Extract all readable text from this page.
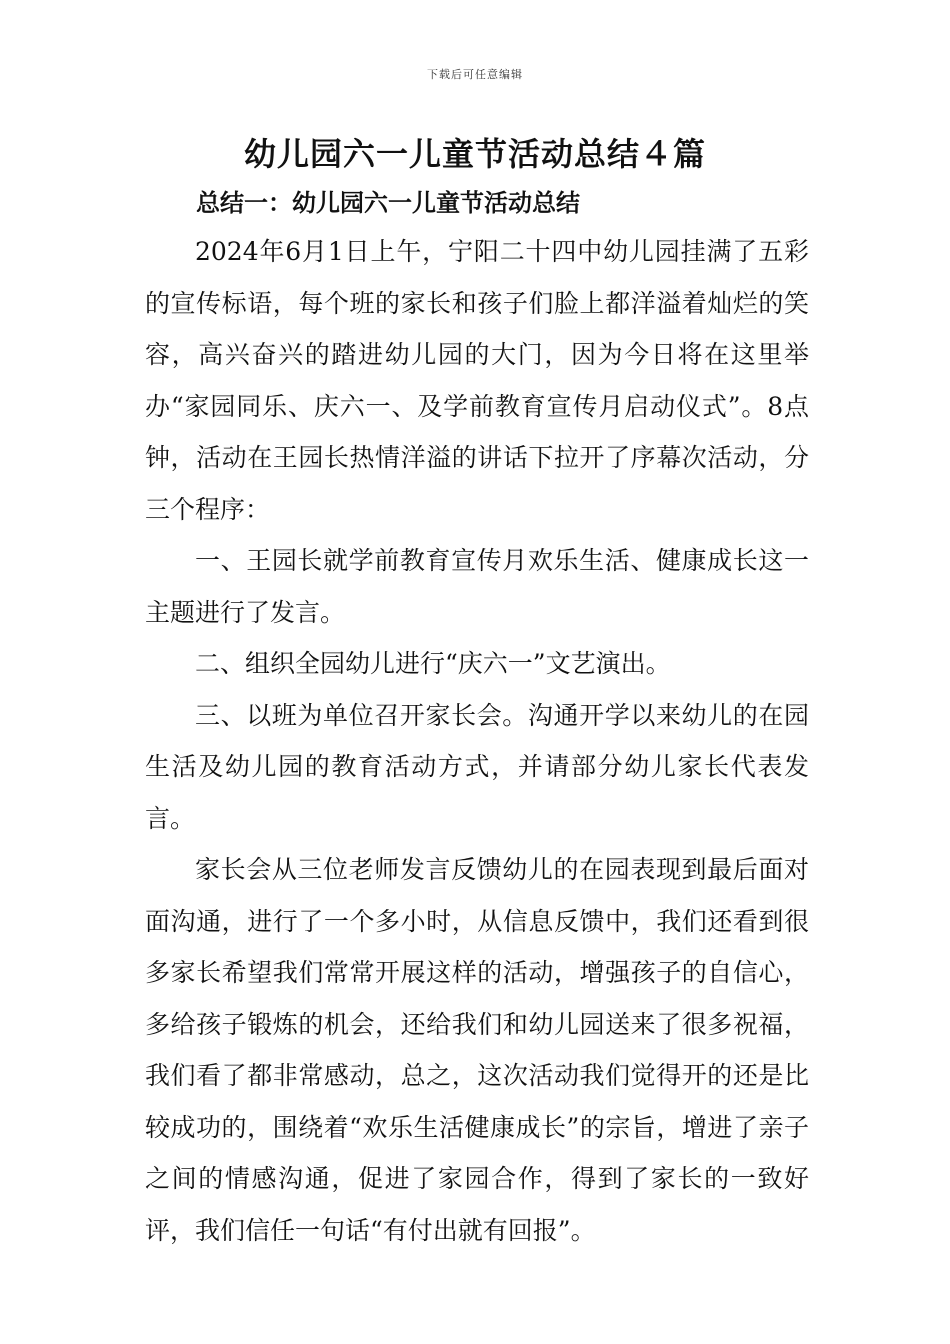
下载后可任意编辑
幼儿园六一儿童节活动总结４篇
总结一：幼儿园六一儿童节活动总结

2024年6月1日上午，宁阳二十四中幼儿园挂满了五彩的宣传标语，每个班的家长和孩子们脸上都洋溢着灿烂的笑容，高兴奋兴的踏进幼儿园的大门，因为今日将在这里举办“家园同乐、庆六一、及学前教育宣传月启动仪式”。8点钟，活动在王园长热情洋溢的讲话下拉开了序幕次活动，分三个程序：

一、王园长就学前教育宣传月欢乐生活、健康成长这一主题进行了发言。

二、组织全园幼儿进行“庆六一”文艺演出。

三、以班为单位召开家长会。沟通开学以来幼儿的在园生活及幼儿园的教育活动方式，并请部分幼儿家长代表发言。

家长会从三位老师发言反馈幼儿的在园表现到最后面对面沟通，进行了一个多小时，从信息反馈中，我们还看到很多家长希望我们常常开展这样的活动，增强孩子的自信心，多给孩子锻炼的机会，还给我们和幼儿园送来了很多祝福，我们看了都非常感动，总之，这次活动我们觉得开的还是比较成功的，围绕着“欢乐生活健康成长”的宗旨，增进了亲子之间的情感沟通，促进了家园合作，得到了家长的一致好评，我们信任一句话“有付出就有回报”。
